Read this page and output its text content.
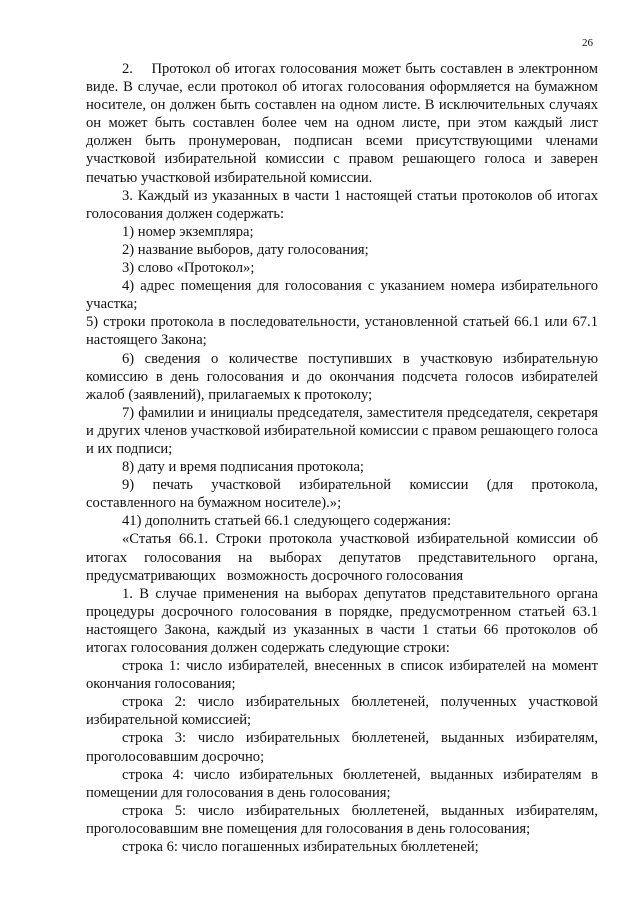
26

2.    Протокол об итогах голосования может быть составлен в электронном виде. В случае, если протокол об итогах голосования оформляется на бумажном носителе, он должен быть составлен на одном листе. В исключительных случаях он может быть составлен более чем на одном листе, при этом каждый лист должен быть пронумерован, подписан всеми присутствующими членами участковой избирательной комиссии с правом решающего голоса и заверен печатью участковой избирательной комиссии.

3. Каждый из указанных в части 1 настоящей статьи протоколов об итогах голосования должен содержать:

1) номер экземпляра;

2) название выборов, дату голосования;

3) слово «Протокол»;

4) адрес помещения для голосования с указанием номера избирательного участка;

5) строки протокола в последовательности, установленной статьей 66.1 или 67.1 настоящего Закона;

6) сведения о количестве поступивших в участковую избирательную комиссию в день голосования и до окончания подсчета голосов избирателей жалоб (заявлений), прилагаемых к протоколу;

7) фамилии и инициалы председателя, заместителя председателя, секретаря и других членов участковой избирательной комиссии с правом решающего голоса и их подписи;

8) дату и время подписания протокола;

9) печать участковой избирательной комиссии (для протокола, составленного на бумажном носителе).»;

41) дополнить статьей 66.1 следующего содержания:

«Статья 66.1. Строки протокола участковой избирательной комиссии об итогах голосования на выборах депутатов представительного органа, предусматривающих   возможность досрочного голосования

1. В случае применения на выборах депутатов представительного органа процедуры досрочного голосования в порядке, предусмотренном статьей 63.1 настоящего Закона, каждый из указанных в части 1 статьи 66 протоколов об итогах голосования должен содержать следующие строки:

строка 1: число избирателей, внесенных в список избирателей на момент окончания голосования;

строка 2: число избирательных бюллетеней, полученных участковой избирательной комиссией;

строка 3: число избирательных бюллетеней, выданных избирателям, проголосовавшим досрочно;

строка 4: число избирательных бюллетеней, выданных избирателям в помещении для голосования в день голосования;

строка 5: число избирательных бюллетеней, выданных избирателям, проголосовавшим вне помещения для голосования в день голосования;

строка 6: число погашенных избирательных бюллетеней;
